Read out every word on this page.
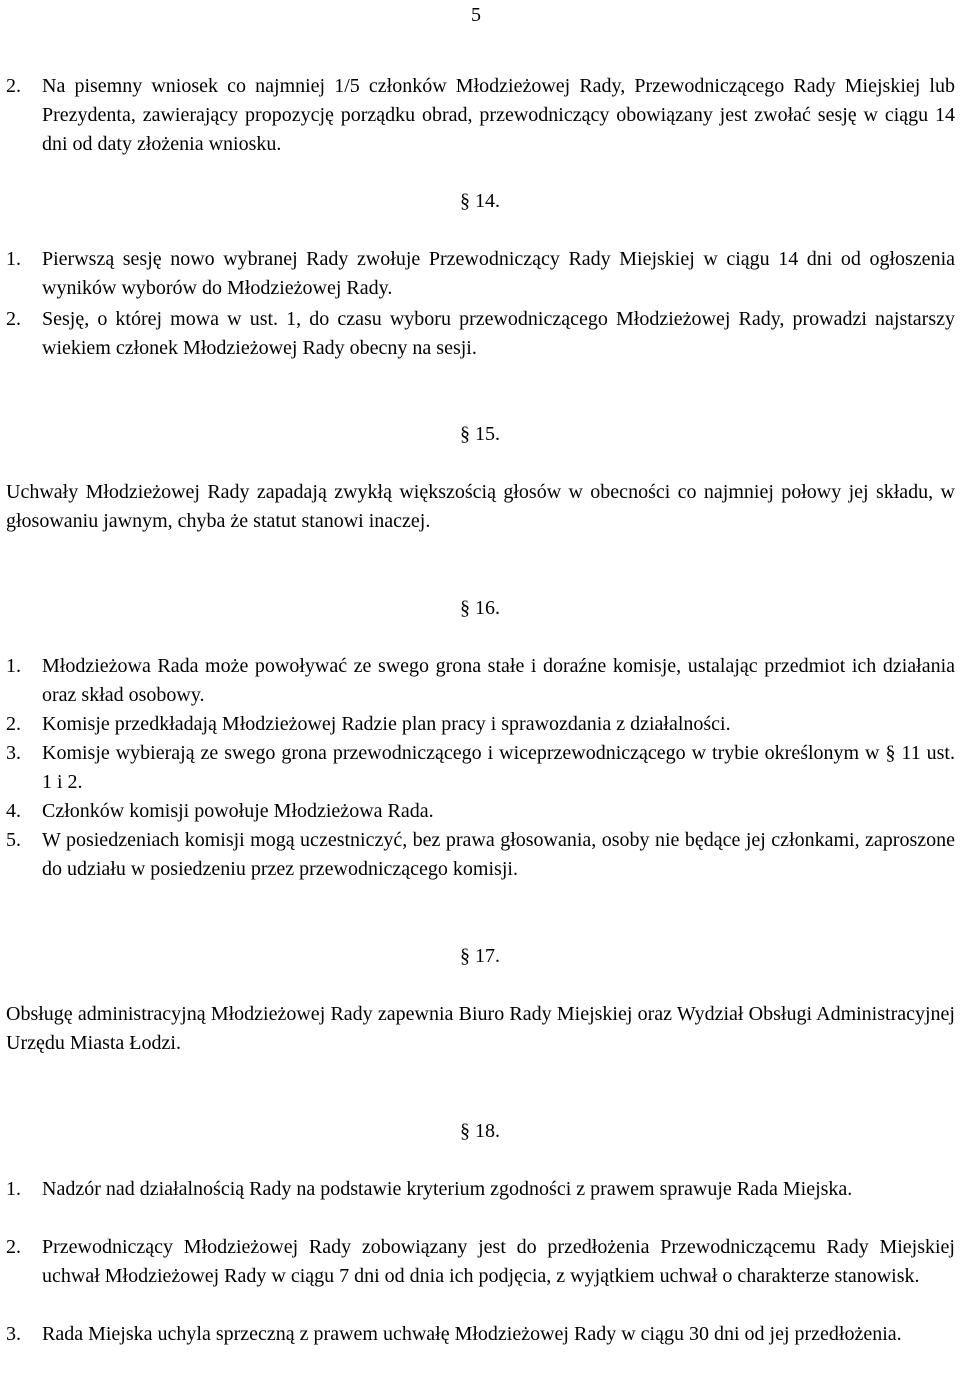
5
2.	Na pisemny wniosek co najmniej 1/5 członków Młodzieżowej Rady, Przewodniczącego Rady Miejskiej lub Prezydenta, zawierający propozycję porządku obrad, przewodniczący obowiązany jest zwołać sesję w ciągu 14 dni od daty złożenia wniosku.
§ 14.
1.	Pierwszą sesję nowo wybranej Rady zwołuje Przewodniczący Rady Miejskiej w ciągu 14 dni od ogłoszenia wyników wyborów do Młodzieżowej Rady.
2.	Sesję, o której mowa w ust. 1, do czasu wyboru przewodniczącego Młodzieżowej Rady, prowadzi najstarszy wiekiem członek Młodzieżowej Rady obecny na sesji.
§ 15.
Uchwały Młodzieżowej Rady zapadają zwykłą większością głosów w obecności co najmniej połowy jej składu, w głosowaniu jawnym, chyba że statut stanowi inaczej.
§ 16.
1.	Młodzieżowa Rada może powoływać ze swego grona stałe i doraźne komisje, ustalając przedmiot ich działania oraz skład osobowy.
2.	Komisje przedkładają Młodzieżowej Radzie plan pracy i sprawozdania z działalności.
3.	Komisje wybierają ze swego grona przewodniczącego i wiceprzewodniczącego w trybie określonym w § 11 ust. 1 i 2.
4.	Członków komisji powołuje Młodzieżowa Rada.
5.	W posiedzeniach komisji mogą uczestniczyć, bez prawa głosowania, osoby nie będące jej członkami, zaproszone do udziału w posiedzeniu przez przewodniczącego komisji.
§ 17.
Obsługę administracyjną Młodzieżowej Rady zapewnia Biuro Rady Miejskiej oraz Wydział Obsługi Administracyjnej Urzędu Miasta Łodzi.
§ 18.
1.	Nadzór nad działalnością Rady na podstawie kryterium zgodności z prawem sprawuje Rada Miejska.
2.	Przewodniczący Młodzieżowej Rady zobowiązany jest do przedłożenia Przewodniczącemu Rady Miejskiej uchwał Młodzieżowej Rady w ciągu 7 dni od dnia ich podjęcia, z wyjątkiem uchwał o charakterze stanowisk.
3.	Rada Miejska uchyla sprzeczną z prawem uchwałę Młodzieżowej Rady w ciągu 30 dni od jej przedłożenia.
